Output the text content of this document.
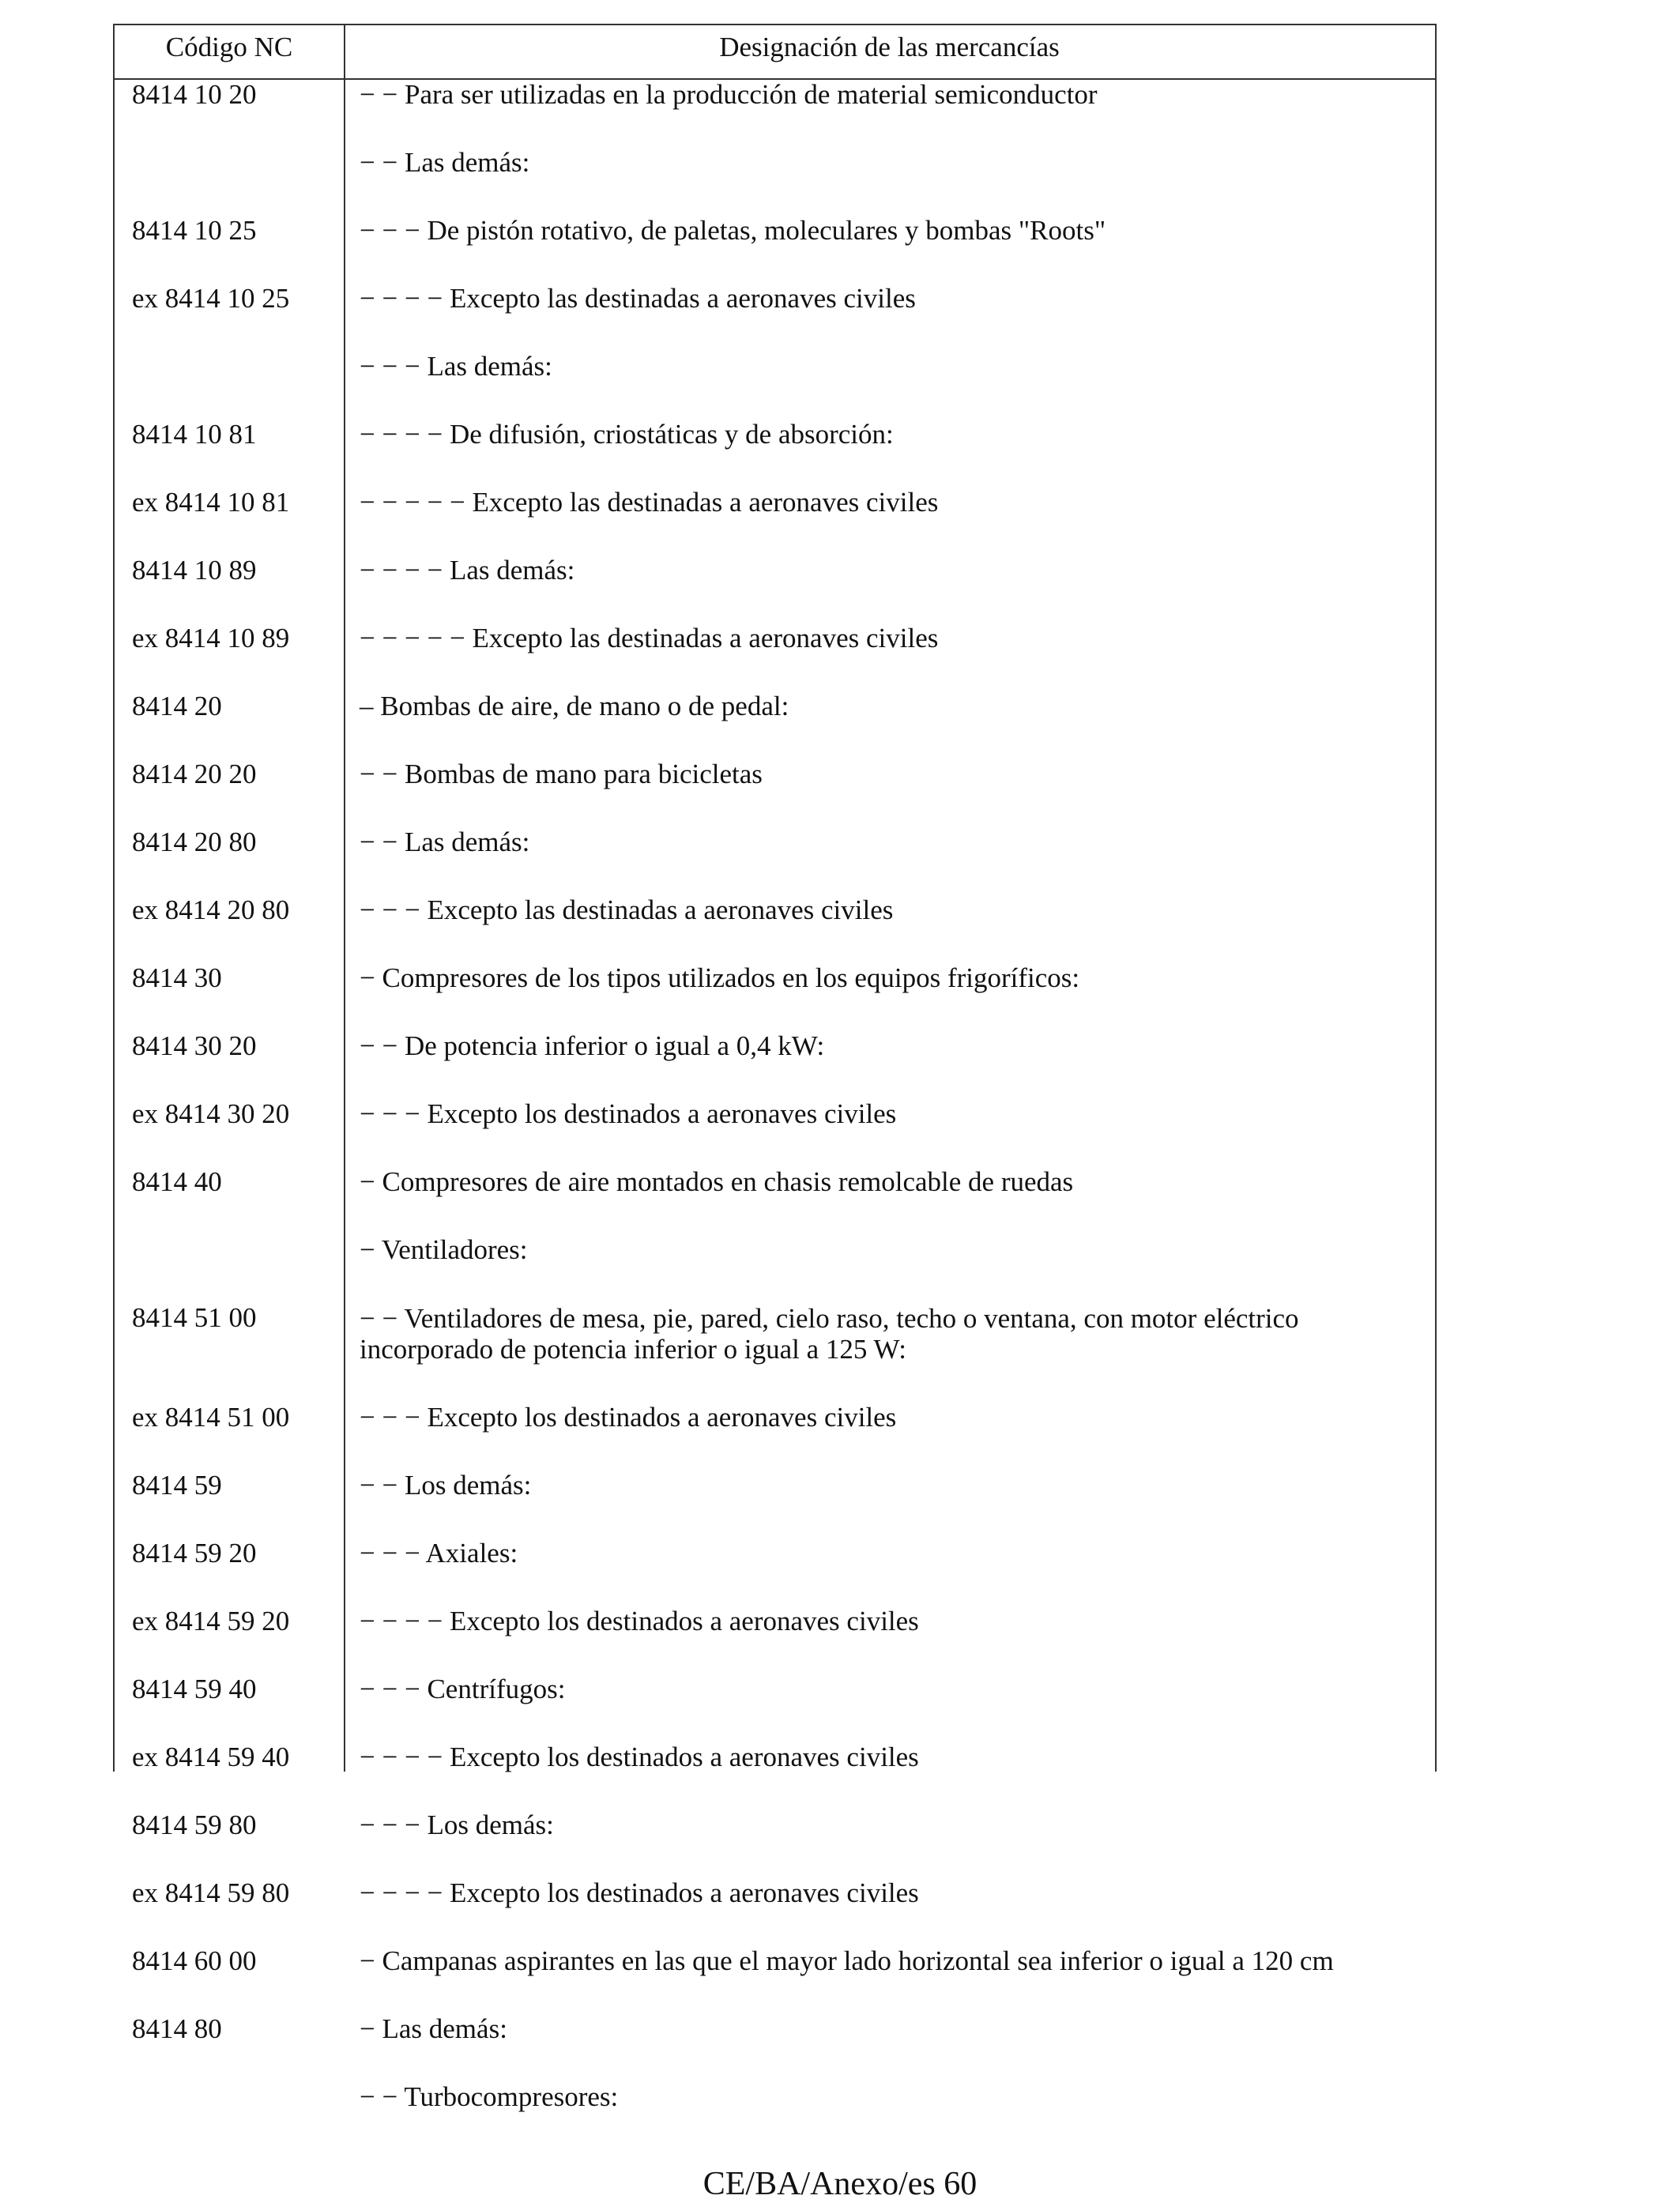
Código NC	Designación de las mercancías
8414 10 20	− − Para ser utilizadas en la producción de material semiconductor
− − Las demás:
8414 10 25	− − − De pistón rotativo, de paletas, moleculares y bombas "Roots"
ex 8414 10 25	− − − − Excepto las destinadas a aeronaves civiles
− − − Las demás:
8414 10 81	− − − − De difusión, criostáticas y de absorción:
ex 8414 10 81	− − − − − Excepto las destinadas a aeronaves civiles
8414 10 89	− − − − Las demás:
ex 8414 10 89	− − − − − Excepto las destinadas a aeronaves civiles
8414 20	– Bombas de aire, de mano o de pedal:
8414 20 20	− − Bombas de mano para bicicletas
8414 20 80	− − Las demás:
ex 8414 20 80	− − − Excepto las destinadas a aeronaves civiles
8414 30	− Compresores de los tipos utilizados en los equipos frigoríficos:
8414 30 20	− − De potencia inferior o igual a 0,4 kW:
ex 8414 30 20	− − − Excepto los destinados a aeronaves civiles
8414 40	− Compresores de aire montados en chasis remolcable de ruedas
− Ventiladores:
8414 51 00	− − Ventiladores de mesa, pie, pared, cielo raso, techo o ventana, con motor eléctrico incorporado de potencia inferior o igual a 125 W:
ex 8414 51 00	− − − Excepto los destinados a aeronaves civiles
8414 59	− − Los demás:
8414 59 20	− − − Axiales:
ex 8414 59 20	− − − − Excepto los destinados a aeronaves civiles
8414 59 40	− − − Centrífugos:
ex 8414 59 40	− − − − Excepto los destinados a aeronaves civiles
8414 59 80	− − − Los demás:
ex 8414 59 80	− − − − Excepto los destinados a aeronaves civiles
8414 60 00	− Campanas aspirantes en las que el mayor lado horizontal sea inferior o igual a 120 cm
8414 80	− Las demás:
− − Turbocompresores:
CE/BA/Anexo/es 60
